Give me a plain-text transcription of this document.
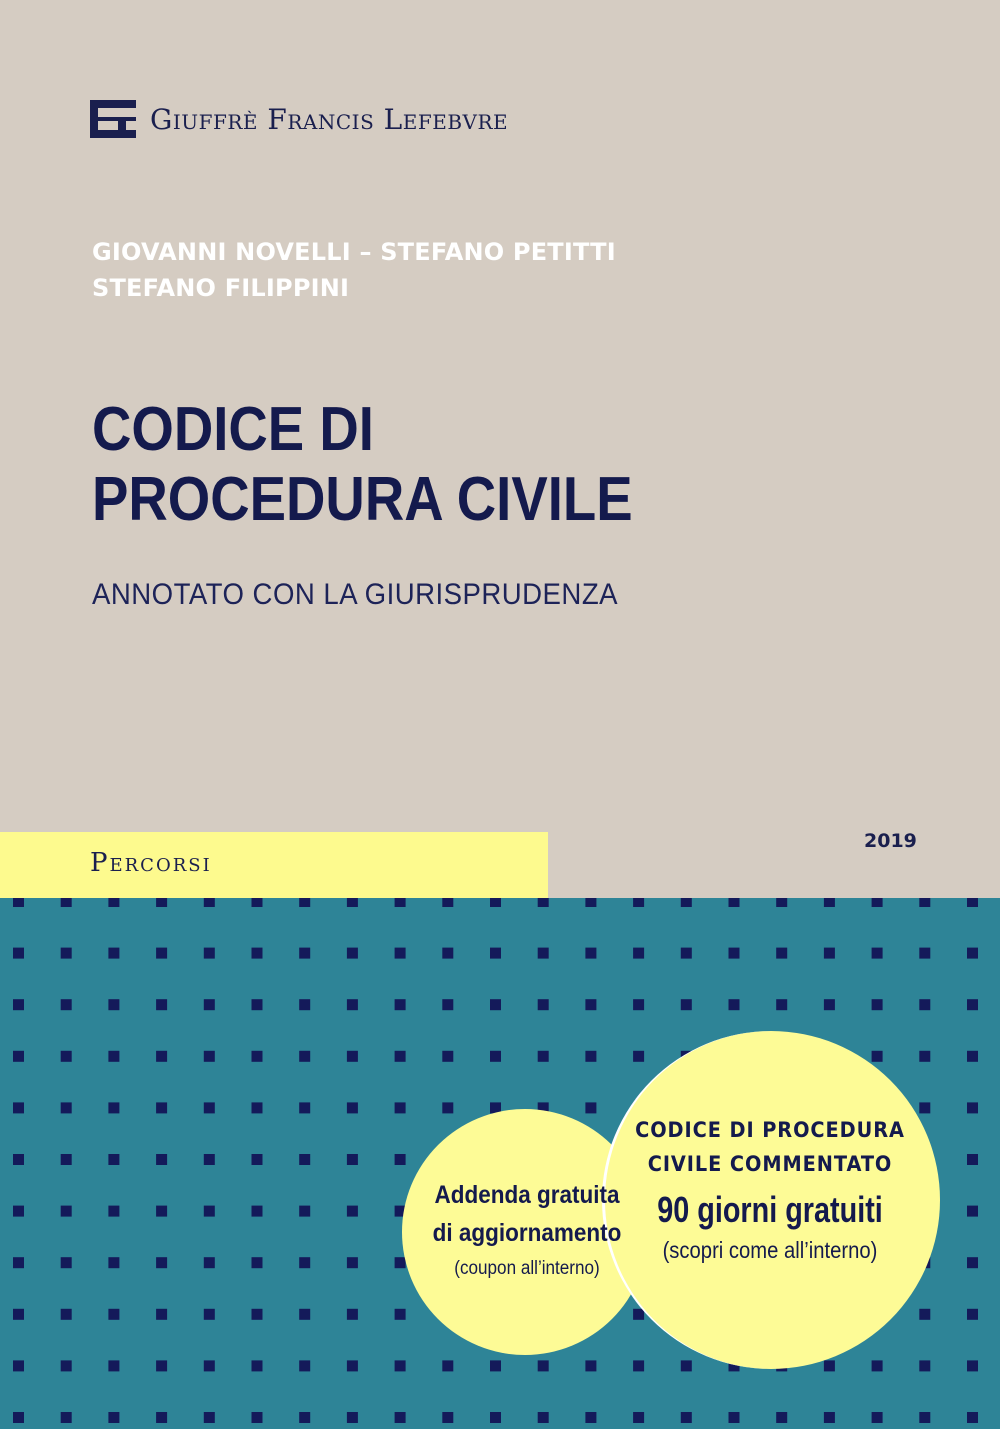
Giuffrè Francis Lefebvre
GIOVANNI NOVELLI – STEFANO PETITTI
STEFANO FILIPPINI
CODICE DI
PROCEDURA CIVILE
ANNOTATO CON LA GIURISPRUDENZA
Percorsi
2019
Addenda gratuita
di aggiornamento
(coupon all’interno)
CODICE DI PROCEDURA
CIVILE COMMENTATO
90 giorni gratuiti
(scopri come all’interno)
